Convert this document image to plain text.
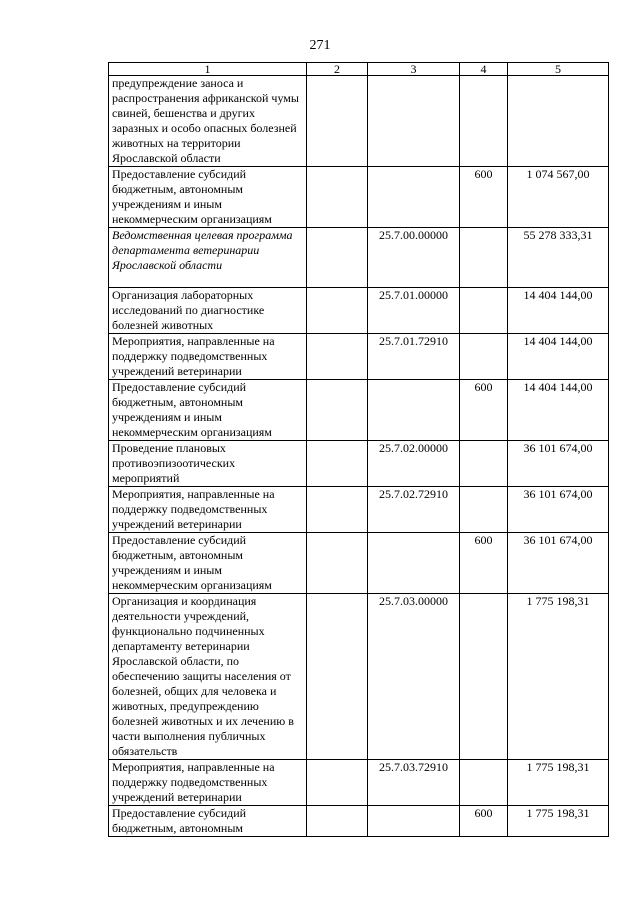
271
1	2	3	4	5
предупреждение заноса и распространения африканской чумы свиней, бешенства и других заразных и особо опасных болезней животных на территории Ярославской области				
Предоставление субсидий бюджетным, автономным учреждениям и иным некоммерческим организациям			600	1 074 567,00
Ведомственная целевая программа департамента ветеринарии Ярославской области		25.7.00.00000		55 278 333,31
Организация лабораторных исследований по диагностике болезней животных		25.7.01.00000		14 404 144,00
Мероприятия, направленные на поддержку подведомственных учреждений ветеринарии		25.7.01.72910		14 404 144,00
Предоставление субсидий бюджетным, автономным учреждениям и иным некоммерческим организациям			600	14 404 144,00
Проведение плановых противоэпизоотических мероприятий		25.7.02.00000		36 101 674,00
Мероприятия, направленные на поддержку подведомственных учреждений ветеринарии		25.7.02.72910		36 101 674,00
Предоставление субсидий бюджетным, автономным учреждениям и иным некоммерческим организациям			600	36 101 674,00
Организация и координация деятельности учреждений, функционально подчиненных департаменту ветеринарии Ярославской области, по обеспечению защиты населения от болезней, общих для человека и животных, предупреждению болезней животных и их лечению в части выполнения публичных обязательств		25.7.03.00000		1 775 198,31
Мероприятия, направленные на поддержку подведомственных учреждений ветеринарии		25.7.03.72910		1 775 198,31
Предоставление субсидий бюджетным, автономным			600	1 775 198,31
